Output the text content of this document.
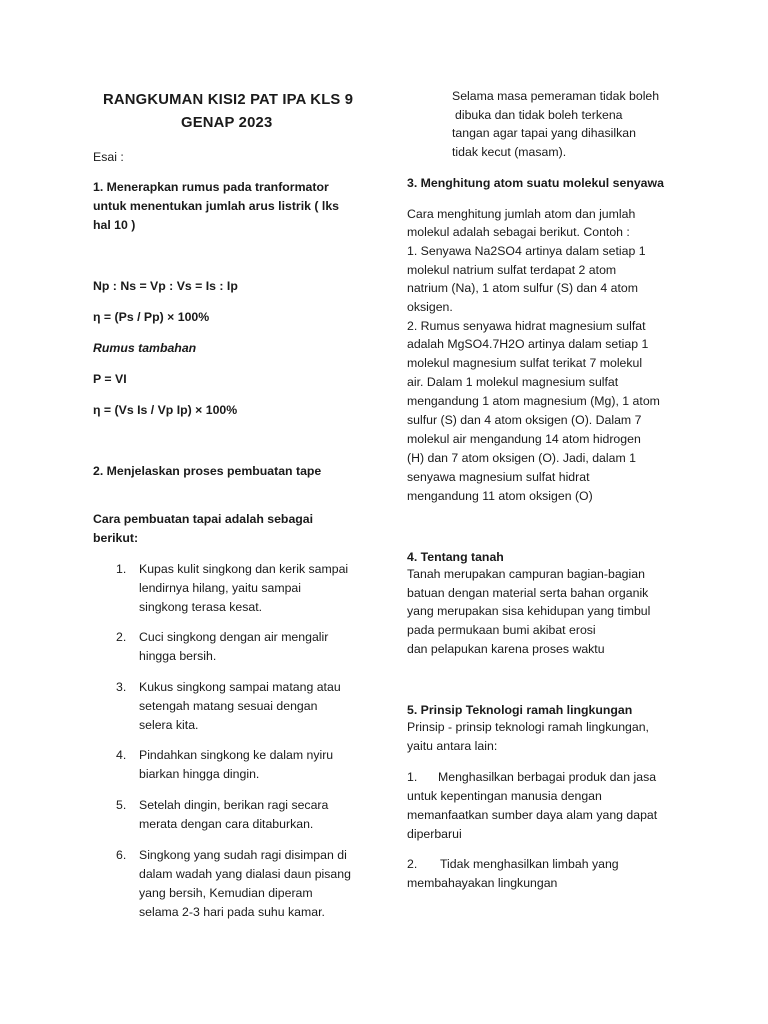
RANGKUMAN KISI2 PAT IPA KLS 9
GENAP 2023
Esai :
1. Menerapkan rumus pada tranformator
untuk menentukan jumlah arus listrik ( lks
hal 10 )
Np : Ns = Vp : Vs = Is : Ip
η = (Ps / Pp) × 100%
Rumus tambahan
P = VI
η = (Vs Is / Vp Ip) × 100%
2. Menjelaskan proses pembuatan tape
Cara pembuatan tapai adalah sebagai
berikut:
1. Kupas kulit singkong dan kerik sampai
lendirnya hilang, yaitu sampai
singkong terasa kesat.
2. Cuci singkong dengan air mengalir
hingga bersih.
3. Kukus singkong sampai matang atau
setengah matang sesuai dengan
selera kita.
4. Pindahkan singkong ke dalam nyiru
biarkan hingga dingin.
5. Setelah dingin, berikan ragi secara
merata dengan cara ditaburkan.
6. Singkong yang sudah ragi disimpan di
dalam wadah yang dialasi daun pisang
yang bersih, Kemudian diperam
selama 2-3 hari pada suhu kamar.
Selama masa pemeraman tidak boleh
dibuka dan tidak boleh terkena
tangan agar tapai yang dihasilkan
tidak kecut (masam).
3. Menghitung atom suatu molekul senyawa
Cara menghitung jumlah atom dan jumlah
molekul adalah sebagai berikut. Contoh :
1. Senyawa Na2SO4 artinya dalam setiap 1
molekul natrium sulfat terdapat 2 atom
natrium (Na), 1 atom sulfur (S) dan 4 atom
oksigen.
2. Rumus senyawa hidrat magnesium sulfat
adalah MgSO4.7H2O artinya dalam setiap 1
molekul magnesium sulfat terikat 7 molekul
air. Dalam 1 molekul magnesium sulfat
mengandung 1 atom magnesium (Mg), 1 atom
sulfur (S) dan 4 atom oksigen (O). Dalam 7
molekul air mengandung 14 atom hidrogen
(H) dan 7 atom oksigen (O). Jadi, dalam 1
senyawa magnesium sulfat hidrat
mengandung 11 atom oksigen (O)
4. Tentang tanah
Tanah merupakan campuran bagian-bagian
batuan dengan material serta bahan organik
yang merupakan sisa kehidupan yang timbul
pada permukaan bumi akibat erosi
dan pelapukan karena proses waktu
5. Prinsip Teknologi ramah lingkungan
Prinsip - prinsip teknologi ramah lingkungan,
yaitu antara lain:
1. Menghasilkan berbagai produk dan jasa
untuk kepentingan manusia dengan
memanfaatkan sumber daya alam yang dapat
diperbarui
2. Tidak menghasilkan limbah yang
membahayakan lingkungan
